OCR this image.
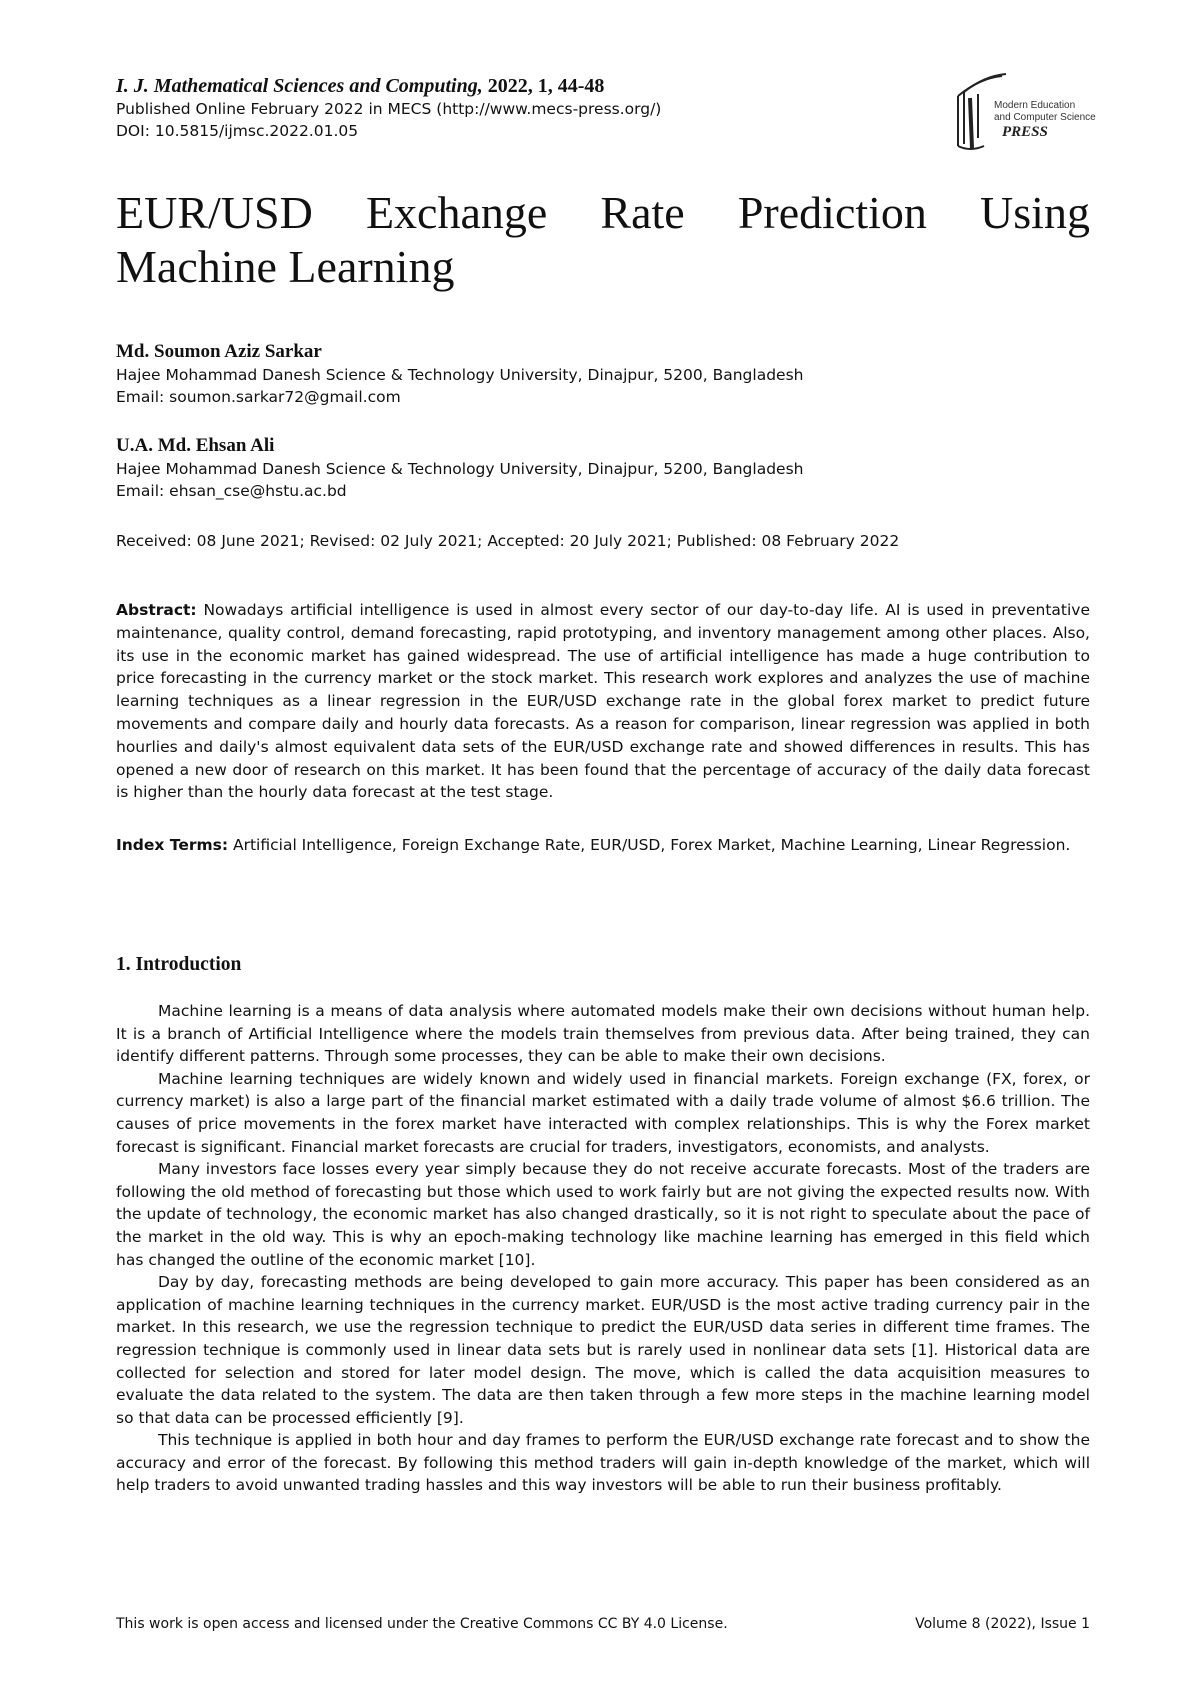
I. J. Mathematical Sciences and Computing, 2022, 1, 44-48
Published Online February 2022 in MECS (http://www.mecs-press.org/)
DOI: 10.5815/ijmsc.2022.01.05
Modern Education
and Computer Science
PRESS
EUR/USD Exchange Rate Prediction Using
Machine Learning
Md. Soumon Aziz Sarkar
Hajee Mohammad Danesh Science & Technology University, Dinajpur, 5200, Bangladesh
Email: soumon.sarkar72@gmail.com
U.A. Md. Ehsan Ali
Hajee Mohammad Danesh Science & Technology University, Dinajpur, 5200, Bangladesh
Email: ehsan_cse@hstu.ac.bd
Received: 08 June 2021; Revised: 02 July 2021; Accepted: 20 July 2021; Published: 08 February 2022
Abstract: Nowadays artificial intelligence is used in almost every sector of our day-to-day life. AI is used in preventative maintenance, quality control, demand forecasting, rapid prototyping, and inventory management among other places. Also, its use in the economic market has gained widespread. The use of artificial intelligence has made a huge contribution to price forecasting in the currency market or the stock market. This research work explores and analyzes the use of machine learning techniques as a linear regression in the EUR/USD exchange rate in the global forex market to predict future movements and compare daily and hourly data forecasts. As a reason for comparison, linear regression was applied in both hourlies and daily's almost equivalent data sets of the EUR/USD exchange rate and showed differences in results. This has opened a new door of research on this market. It has been found that the percentage of accuracy of the daily data forecast is higher than the hourly data forecast at the test stage.
Index Terms: Artificial Intelligence, Foreign Exchange Rate, EUR/USD, Forex Market, Machine Learning, Linear Regression.
1. Introduction

Machine learning is a means of data analysis where automated models make their own decisions without human help. It is a branch of Artificial Intelligence where the models train themselves from previous data. After being trained, they can identify different patterns. Through some processes, they can be able to make their own decisions.

Machine learning techniques are widely known and widely used in financial markets. Foreign exchange (FX, forex, or currency market) is also a large part of the financial market estimated with a daily trade volume of almost $6.6 trillion. The causes of price movements in the forex market have interacted with complex relationships. This is why the Forex market forecast is significant. Financial market forecasts are crucial for traders, investigators, economists, and analysts.

Many investors face losses every year simply because they do not receive accurate forecasts. Most of the traders are following the old method of forecasting but those which used to work fairly but are not giving the expected results now. With the update of technology, the economic market has also changed drastically, so it is not right to speculate about the pace of the market in the old way. This is why an epoch-making technology like machine learning has emerged in this field which has changed the outline of the economic market [10].

Day by day, forecasting methods are being developed to gain more accuracy. This paper has been considered as an application of machine learning techniques in the currency market. EUR/USD is the most active trading currency pair in the market. In this research, we use the regression technique to predict the EUR/USD data series in different time frames. The regression technique is commonly used in linear data sets but is rarely used in nonlinear data sets [1]. Historical data are collected for selection and stored for later model design. The move, which is called the data acquisition measures to evaluate the data related to the system. The data are then taken through a few more steps in the machine learning model so that data can be processed efficiently [9].

This technique is applied in both hour and day frames to perform the EUR/USD exchange rate forecast and to show the accuracy and error of the forecast. By following this method traders will gain in-depth knowledge of the market, which will help traders to avoid unwanted trading hassles and this way investors will be able to run their business profitably.

This work is open access and licensed under the Creative Commons CC BY 4.0 License.	Volume 8 (2022), Issue 1
